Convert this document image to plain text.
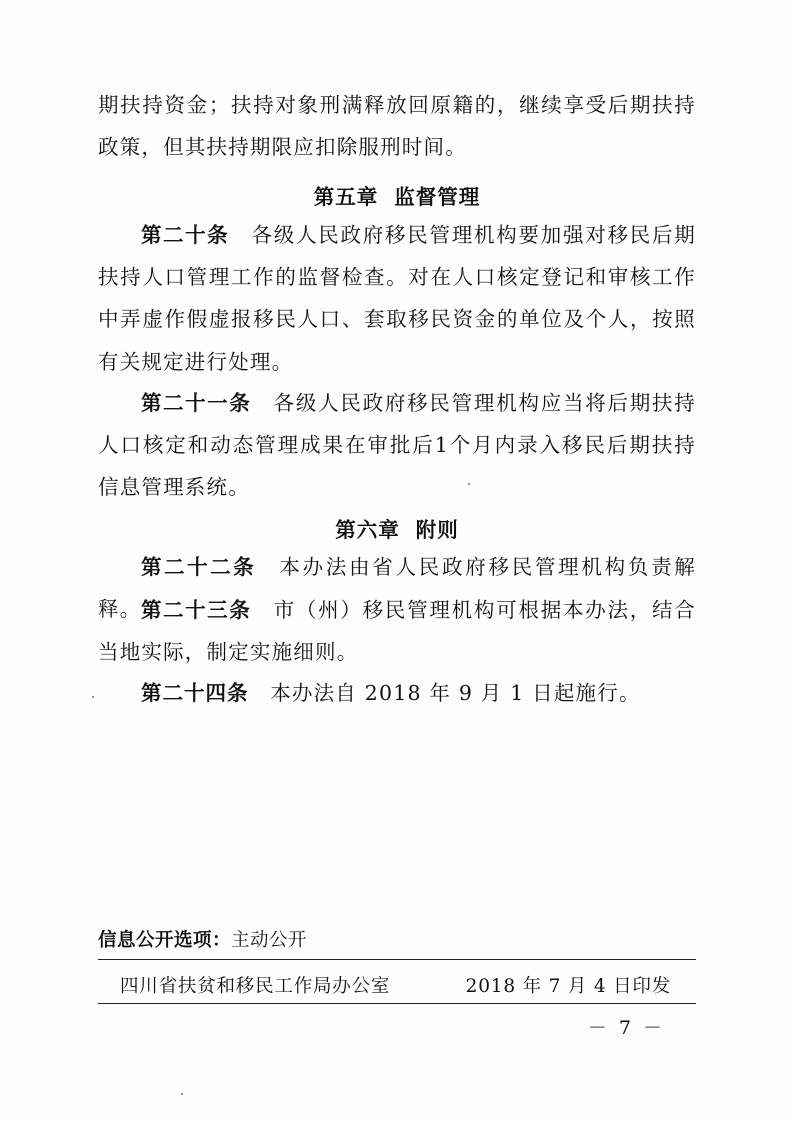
期扶持资金；扶持对象刑满释放回原籍的，继续享受后期扶持政策，但其扶持期限应扣除服刑时间。

第五章 监督管理

第二十条　 各级人民政府移民管理机构要加强对移民后期扶持人口管理工作的监督检查。对在人口核定登记和审核工作中弄虚作假虚报移民人口、套取移民资金的单位及个人，按照有关规定进行处理。

第二十一条　 各级人民政府移民管理机构应当将后期扶持人口核定和动态管理成果在审批后1个月内录入移民后期扶持信息管理系统。

第六章 附则

第二十二条　 本办法由省人民政府移民管理机构负责解释。 第二十三条　 市（州）移民管理机构可根据本办法，结合当地实际，制定实施细则。

第二十四条　 本办法自 2018 年 9 月 1 日起施行。

信息公开选项：主动公开

四川省扶贫和移民工作局办公室	2018 年 7 月 4 日印发

－ 7 －
